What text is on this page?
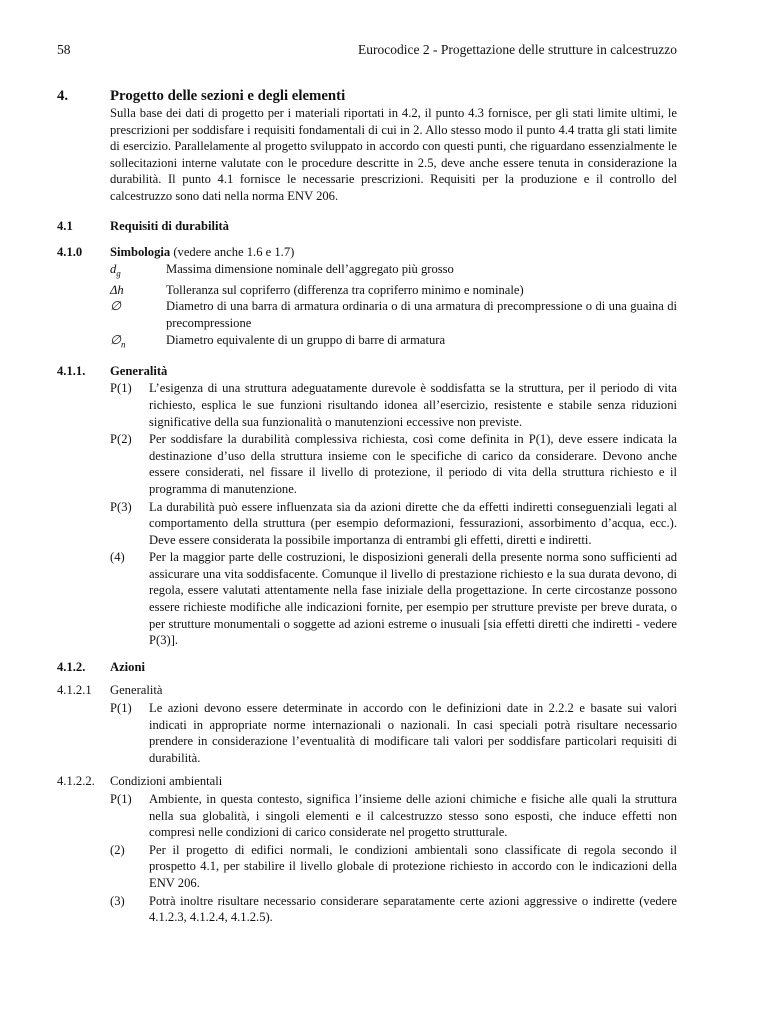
58	Eurocodice 2 - Progettazione delle strutture in calcestruzzo
4.	Progetto delle sezioni e degli elementi
Sulla base dei dati di progetto per i materiali riportati in 4.2, il punto 4.3 fornisce, per gli stati limite ultimi, le prescrizioni per soddisfare i requisiti fondamentali di cui in 2. Allo stesso modo il punto 4.4 tratta gli stati limite di esercizio. Parallelamente al progetto sviluppato in accordo con questi punti, che riguardano essenzialmente le sollecitazioni interne valutate con le procedure descritte in 2.5, deve anche essere tenuta in considerazione la durabilità. Il punto 4.1 fornisce le necessarie prescrizioni. Requisiti per la produzione e il controllo del calcestruzzo sono dati nella norma ENV 206.
4.1	Requisiti di durabilità
4.1.0	Simbologia (vedere anche 1.6 e 1.7)
$d_g$	Massima dimensione nominale dell’aggregato più grosso
Δh	Tolleranza sul copriferro (differenza tra copriferro minimo e nominale)
∅	Diametro di una barra di armatura ordinaria o di una armatura di precompressione o di una guaina di precompressione
$\emptyset_n$	Diametro equivalente di un gruppo di barre di armatura
4.1.1.	Generalità
P(1)	L’esigenza di una struttura adeguatamente durevole è soddisfatta se la struttura, per il periodo di vita richiesto, esplica le sue funzioni risultando idonea all’esercizio, resistente e stabile senza riduzioni significative della sua funzionalità o manutenzioni eccessive non previste.
P(2)	Per soddisfare la durabilità complessiva richiesta, così come definita in P(1), deve essere indicata la destinazione d’uso della struttura insieme con le specifiche di carico da considerare. Devono anche essere considerati, nel fissare il livello di protezione, il periodo di vita della struttura richiesto e il programma di manutenzione.
P(3)	La durabilità può essere influenzata sia da azioni dirette che da effetti indiretti conseguenziali legati al comportamento della struttura (per esempio deformazioni, fessurazioni, assorbimento d’acqua, ecc.). Deve essere considerata la possibile importanza di entrambi gli effetti, diretti e indiretti.
(4)	Per la maggior parte delle costruzioni, le disposizioni generali della presente norma sono sufficienti ad assicurare una vita soddisfacente. Comunque il livello di prestazione richiesto e la sua durata devono, di regola, essere valutati attentamente nella fase iniziale della progettazione. In certe circostanze possono essere richieste modifiche alle indicazioni fornite, per esempio per strutture previste per breve durata, o per strutture monumentali o soggette ad azioni estreme o inusuali [sia effetti diretti che indiretti - vedere P(3)].
4.1.2.	Azioni
4.1.2.1	Generalità
P(1)	Le azioni devono essere determinate in accordo con le definizioni date in 2.2.2 e basate sui valori indicati in appropriate norme internazionali o nazionali. In casi speciali potrà risultare necessario prendere in considerazione l’eventualità di modificare tali valori per soddisfare particolari requisiti di durabilità.
4.1.2.2.	Condizioni ambientali
P(1)	Ambiente, in questa contesto, significa l’insieme delle azioni chimiche e fisiche alle quali la struttura nella sua globalità, i singoli elementi e il calcestruzzo stesso sono esposti, che induce effetti non compresi nelle condizioni di carico considerate nel progetto strutturale.
(2)	Per il progetto di edifici normali, le condizioni ambientali sono classificate di regola secondo il prospetto 4.1, per stabilire il livello globale di protezione richiesto in accordo con le indicazioni della ENV 206.
(3)	Potrà inoltre risultare necessario considerare separatamente certe azioni aggressive o indirette (vedere 4.1.2.3, 4.1.2.4, 4.1.2.5).
